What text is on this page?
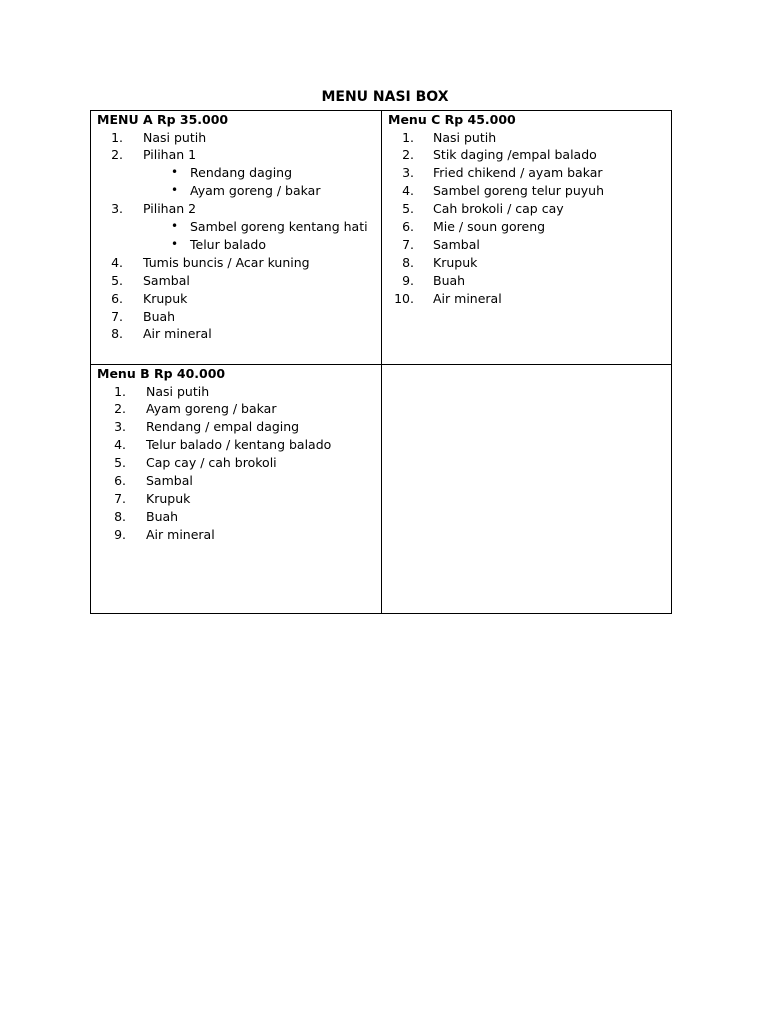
MENU NASI BOX
MENU A Rp 35.000
1. Nasi putih
2. Pilihan 1
• Rendang daging
• Ayam goreng / bakar
3. Pilihan 2
• Sambel goreng kentang hati
• Telur balado
4. Tumis buncis / Acar kuning
5. Sambal
6. Krupuk
7. Buah
8. Air mineral
Menu C Rp 45.000
1. Nasi putih
2. Stik daging /empal balado
3. Fried chikend / ayam bakar
4. Sambel goreng telur puyuh
5. Cah brokoli / cap cay
6. Mie / soun goreng
7. Sambal
8. Krupuk
9. Buah
10. Air mineral
Menu B Rp 40.000
1. Nasi putih
2. Ayam goreng / bakar
3. Rendang / empal daging
4. Telur balado / kentang balado
5. Cap cay / cah brokoli
6. Sambal
7. Krupuk
8. Buah
9. Air mineral
